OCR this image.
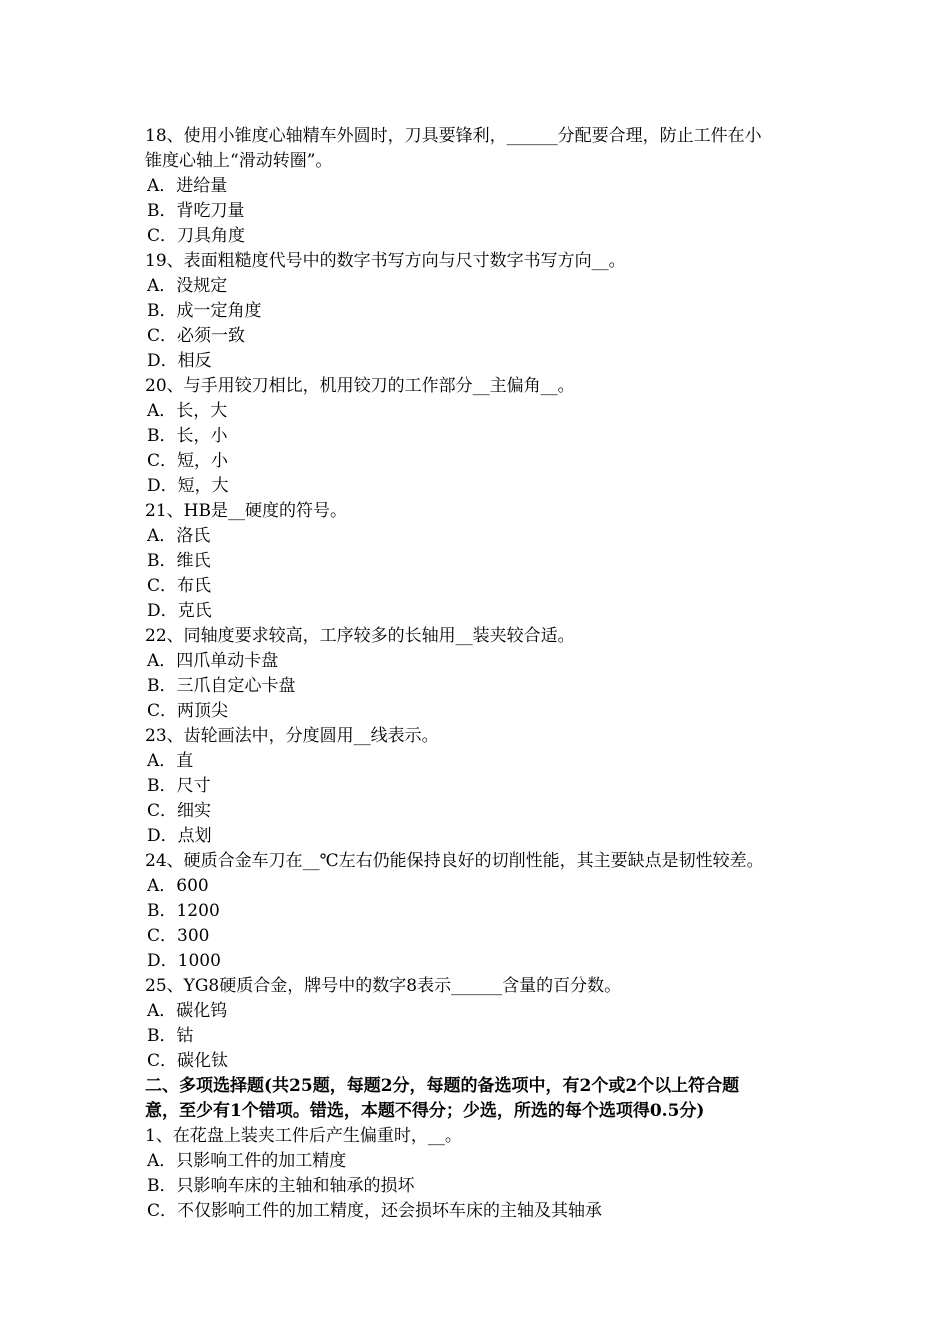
18、使用小锥度心轴精车外圆时，刀具要锋利，______分配要合理，防止工件在小
锥度心轴上“滑动转圈”。
A．进给量
B．背吃刀量
C．刀具角度
19、表面粗糙度代号中的数字书写方向与尺寸数字书写方向__。
A．没规定
B．成一定角度
C．必须一致
D．相反
20、与手用铰刀相比，机用铰刀的工作部分__主偏角__。
A．长，大
B．长，小
C．短，小
D．短，大
21、HB是__硬度的符号。
A．洛氏
B．维氏
C．布氏
D．克氏
22、同轴度要求较高，工序较多的长轴用__装夹较合适。
A．四爪单动卡盘
B．三爪自定心卡盘
C．两顶尖
23、齿轮画法中，分度圆用__线表示。
A．直
B．尺寸
C．细实
D．点划
24、硬质合金车刀在__℃左右仍能保持良好的切削性能，其主要缺点是韧性较差。
A．600
B．1200
C．300
D．1000
25、YG8硬质合金，牌号中的数字8表示______含量的百分数。
A．碳化钨
B．钴
C．碳化钛
二、多项选择题(共25题，每题2分，每题的备选项中，有2个或2个以上符合题
意，至少有1个错项。错选，本题不得分；少选，所选的每个选项得0.5分)
1、在花盘上装夹工件后产生偏重时，__。
A．只影响工件的加工精度
B．只影响车床的主轴和轴承的损坏
C．不仅影响工件的加工精度，还会损坏车床的主轴及其轴承
